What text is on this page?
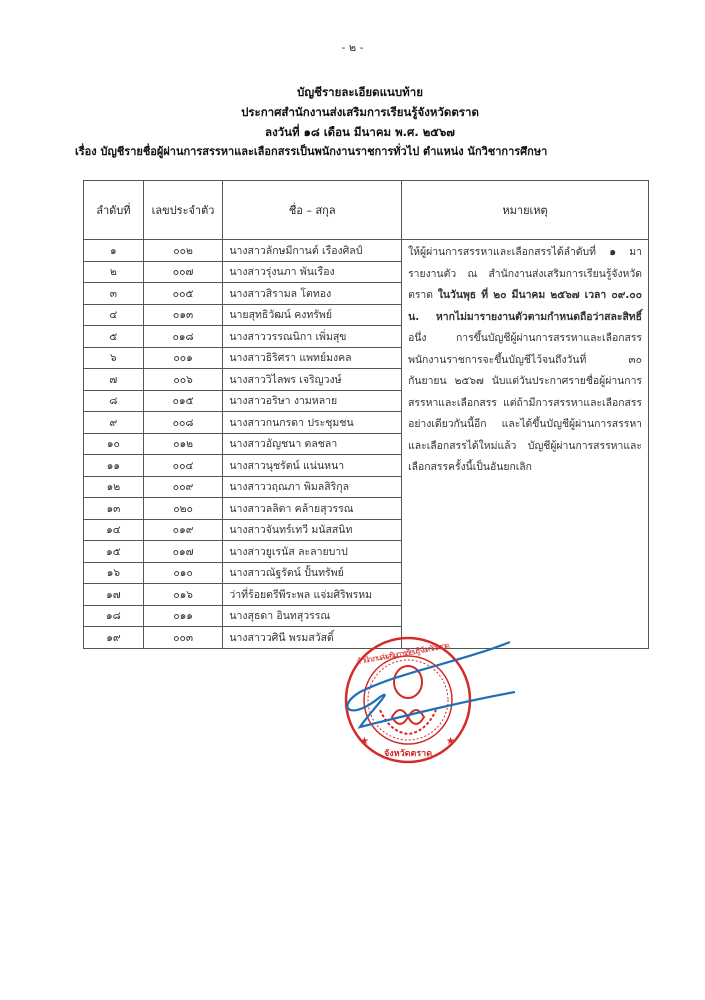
- ๒ -
บัญชีรายละเอียดแนบท้าย
ประกาศสำนักงานส่งเสริมการเรียนรู้จังหวัดตราด
ลงวันที่ ๑๘ เดือน มีนาคม พ.ศ. ๒๕๖๗
เรื่อง บัญชีรายชื่อผู้ผ่านการสรรหาและเลือกสรรเป็นพนักงานราชการทั่วไป ตำแหน่ง นักวิชาการศึกษา
ลำดับที่	เลขประจำตัว	ชื่อ – สกุล	หมายเหตุ
๑	๐๐๒	นางสาวลักษมีกานต์ เรืองศิลป์	ให้ผู้ผ่านการสรรหาและเลือกสรรได้ลำดับที่ ๑ มารายงานตัว ณ สำนักงานส่งเสริมการเรียนรู้จังหวัดตราด ในวันพุธ ที่ ๒๐ มีนาคม ๒๕๖๗ เวลา ๐๙.๐๐ น. หากไม่มารายงานตัวตามกำหนดถือว่าสละสิทธิ์ อนึ่ง การขึ้นบัญชีผู้ผ่านการสรรหาและเลือกสรรพนักงานราชการจะขึ้นบัญชีไว้จนถึงวันที่ ๓๐ กันยายน ๒๕๖๗ นับแต่วันประกาศรายชื่อผู้ผ่านการสรรหาและเลือกสรร แต่ถ้ามีการสรรหาและเลือกสรรอย่างเดียวกันนี้อีก และได้ขึ้นบัญชีผู้ผ่านการสรรหาและเลือกสรรได้ใหม่แล้ว บัญชีผู้ผ่านการสรรหาและเลือกสรรครั้งนี้เป็นอันยกเลิก
๒	๐๐๗	นางสาวรุ่งนภา พันเรือง	
๓	๐๐๕	นางสาวสิรามล โตทอง	
๔	๐๑๓	นายสุทธิวัฒน์ คงทรัพย์	
๕	๐๑๘	นางสาววรรณนิกา เพิ่มสุข	
๖	๐๐๑	นางสาวธิริศรา แพทย์มงคล	
๗	๐๐๖	นางสาววิไลพร เจริญวงษ์	
๘	๐๑๕	นางสาวอริษา งามหลาย	
๙	๐๐๘	นางสาวกนกรดา ประชุมชน	
๑๐	๐๑๒	นางสาวอัญชนา ตลชลา	
๑๑	๐๐๔	นางสาวนุชรัตน์ แน่นหนา	
๑๒	๐๐๙	นางสาววฤณภา พิมลสิริกุล	
๑๓	๐๒๐	นางสาวลลิตา คล้ายสุวรรณ	
๑๔	๐๑๙	นางสาวจันทร์เทวี มนัสสนิท	
๑๕	๐๑๗	นางสาวยูเรนัส ละลายบาป	
๑๖	๐๑๐	นางสาวณัฐรัตน์ ปั้นทรัพย์	
๑๗	๐๑๖	ว่าที่ร้อยตรีพีระพล แจ่มศิริพรหม	
๑๘	๐๑๑	นางสุธดา อินทสุวรรณ	
๑๙	๐๐๓	นางสาววศินี พรมสวัสดิ์	
★	★
สำนักงานส่งเสริมการเรียนรู้ จังหวัดตราด
จังหวัดตราด
